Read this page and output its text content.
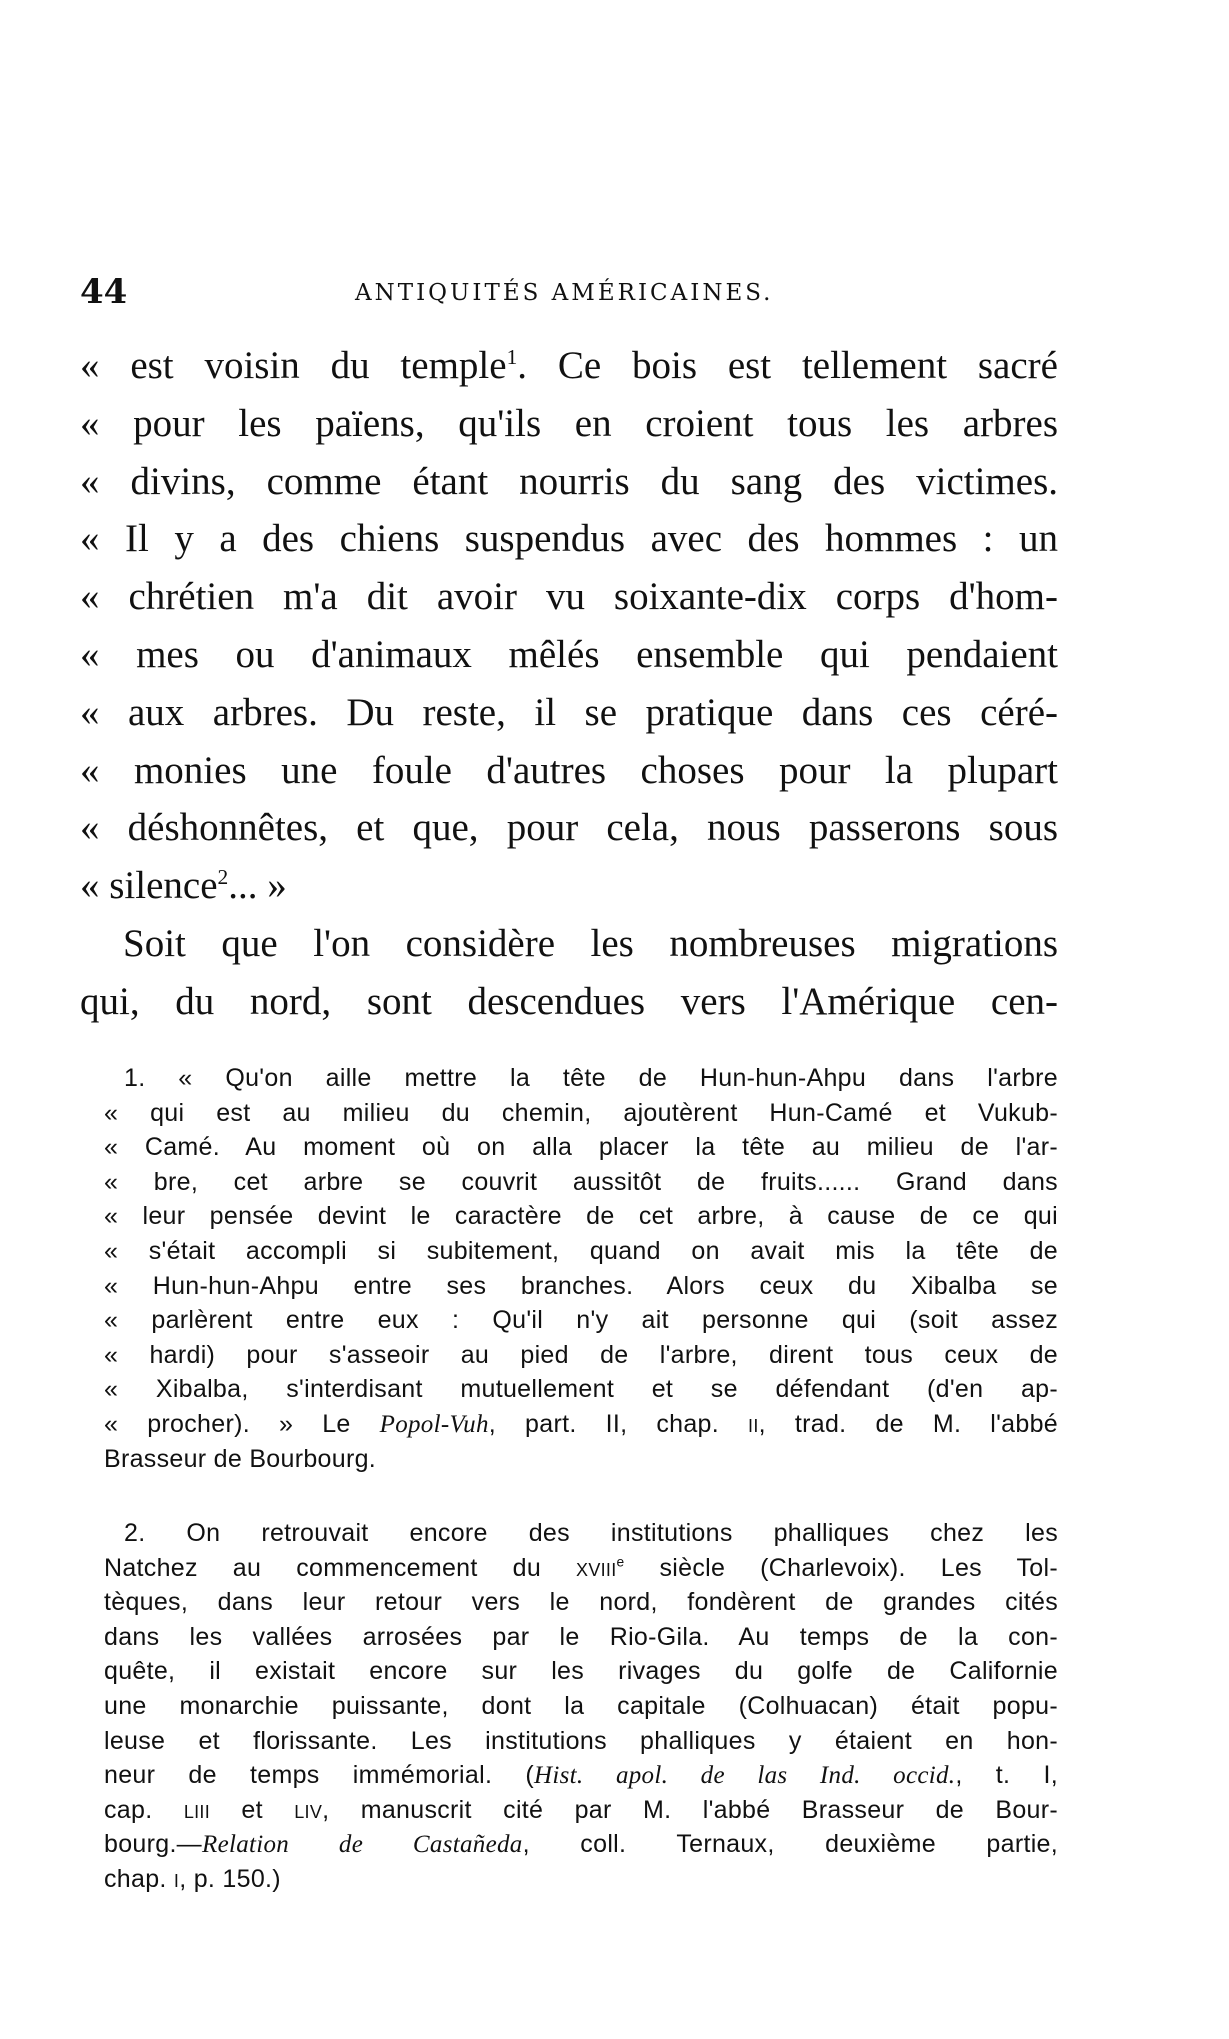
44	ANTIQUITÉS AMÉRICAINES.
« est voisin du temple$^1$. Ce bois est tellement sacré
« pour les païens, qu'ils en croient tous les arbres
« divins, comme étant nourris du sang des victimes.
« Il y a des chiens suspendus avec des hommes : un
« chrétien m'a dit avoir vu soixante-dix corps d'hom-
« mes ou d'animaux mêlés ensemble qui pendaient
« aux arbres. Du reste, il se pratique dans ces céré-
« monies une foule d'autres choses pour la plupart
« déshonnêtes, et que, pour cela, nous passerons sous
« silence$^2$... »
Soit que l'on considère les nombreuses migrations
qui, du nord, sont descendues vers l'Amérique cen-
1. « Qu'on aille mettre la tête de Hun-hun-Ahpu dans l'arbre
« qui est au milieu du chemin, ajoutèrent Hun-Camé et Vukub-
« Camé. Au moment où on alla placer la tête au milieu de l'ar-
« bre, cet arbre se couvrit aussitôt de fruits...... Grand dans
« leur pensée devint le caractère de cet arbre, à cause de ce qui
« s'était accompli si subitement, quand on avait mis la tête de
« Hun-hun-Ahpu entre ses branches. Alors ceux du Xibalba se
« parlèrent entre eux : Qu'il n'y ait personne qui (soit assez
« hardi) pour s'asseoir au pied de l'arbre, dirent tous ceux de
« Xibalba, s'interdisant mutuellement et se défendant (d'en ap-
« procher). » Le Popol-Vuh, part. II, chap. ii, trad. de M. l'abbé
Brasseur de Bourbourg.
2. On retrouvait encore des institutions phalliques chez les
Natchez au commencement du xviii$^e$ siècle (Charlevoix). Les Tol-
tèques, dans leur retour vers le nord, fondèrent de grandes cités
dans les vallées arrosées par le Rio-Gila. Au temps de la con-
quête, il existait encore sur les rivages du golfe de Californie
une monarchie puissante, dont la capitale (Colhuacan) était popu-
leuse et florissante. Les institutions phalliques y étaient en hon-
neur de temps immémorial. (Hist. apol. de las Ind. occid., t. I,
cap. liii et liv, manuscrit cité par M. l'abbé Brasseur de Bour-
bourg.—Relation de Castañeda, coll. Ternaux, deuxième partie,
chap. i, p. 150.)
